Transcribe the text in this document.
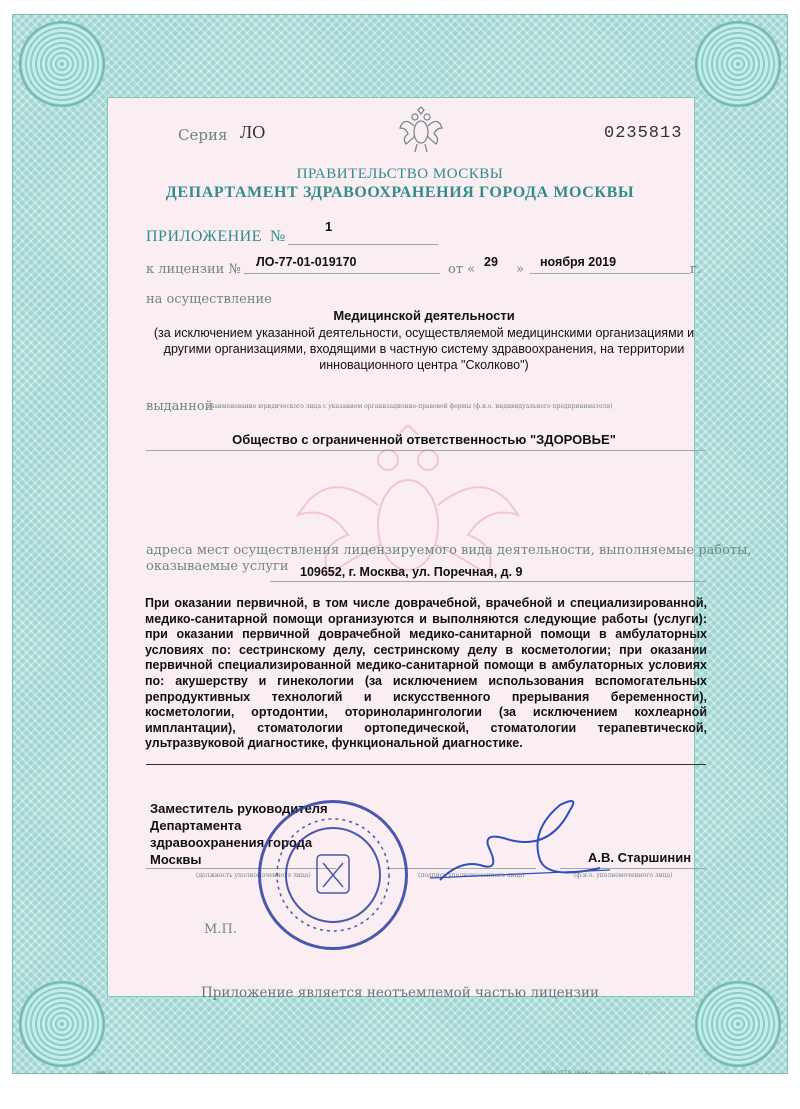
Серия ЛО	0235813
ПРАВИТЕЛЬСТВО МОСКВЫ
ДЕПАРТАМЕНТ ЗДРАВООХРАНЕНИЯ ГОРОДА МОСКВЫ
ПРИЛОЖЕНИЕ №
1
к лицензии № ЛО-77-01-019170	от « 29 » ноября 2019	г.
на осуществление
Медицинской деятельности
(за исключением указанной деятельности, осуществляемой медицинскими организациями и другими организациями, входящими в частную систему здравоохранения, на территории инновационного центра "Сколково")
выданной
(наименование юридического лица с указанием организационно-правовой формы (ф.и.о. индивидуального предпринимателя)
Общество с ограниченной ответственностью "ЗДОРОВЬЕ"
адреса мест осуществления лицензируемого вида деятельности, выполняемые работы,
оказываемые услуги 109652, г. Москва, ул. Поречная, д. 9
При оказании первичной, в том числе доврачебной, врачебной и специализированной, медико-санитарной помощи организуются и выполняются следующие работы (услуги): при оказании первичной доврачебной медико-санитарной помощи в амбулаторных условиях по: сестринскому делу, сестринскому делу в косметологии; при оказании первичной специализированной медико-санитарной помощи в амбулаторных условиях по: акушерству и гинекологии (за исключением использования вспомогательных репродуктивных технологий и искусственного прерывания беременности), косметологии, ортодонтии, оториноларингологии (за исключением кохлеарной имплантации), стоматологии ортопедической, стоматологии терапевтической, ультразвуковой диагностике, функциональной диагностике.
Заместитель руководителя
Департамента
здравоохранения города
Москвы	А.В. Старшинин
(должность уполномоченного лица)	(подпись уполномоченного лица)	(ф.и.о. уполномоченного лица)
М.П.
Приложение является неотъемлемой частью лицензии
4ин37	ООО «УТТП ЗНАК» , Москва, 2019 год, уровень Б
